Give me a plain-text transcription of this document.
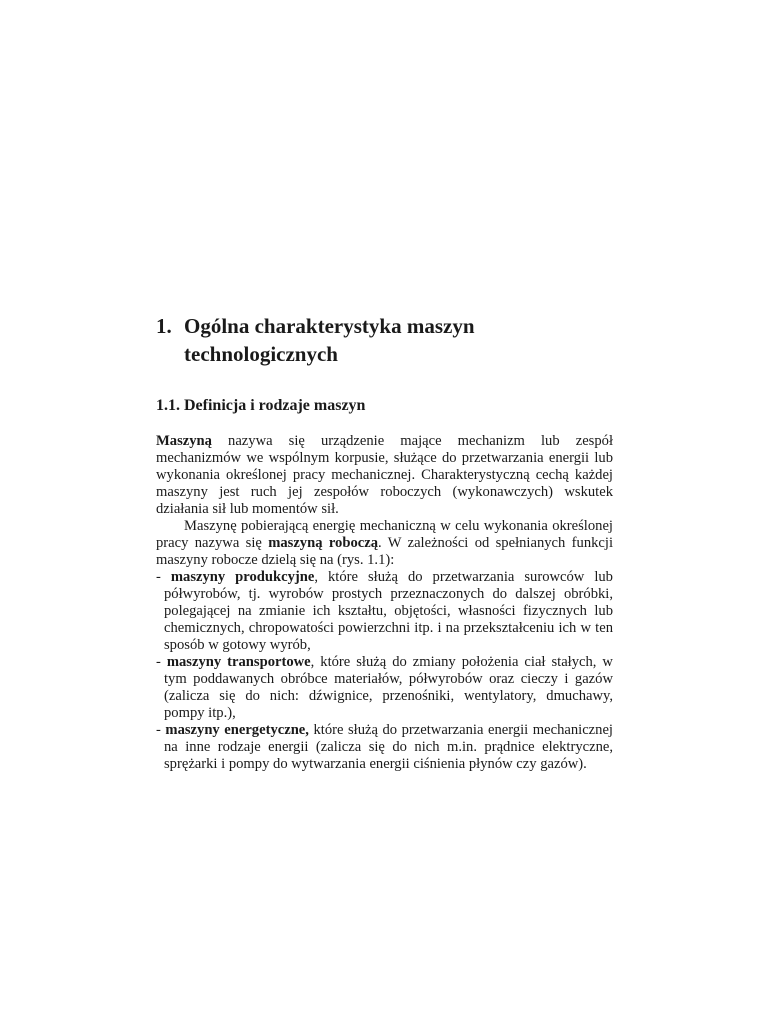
1. Ogólna charakterystyka maszyn technologicznych
1.1. Definicja i rodzaje maszyn

Maszyną nazywa się urządzenie mające mechanizm lub zespół mechanizmów we wspólnym korpusie, służące do przetwarzania energii lub wykonania określonej pracy mechanicznej. Charakterystyczną cechą każdej maszyny jest ruch jej zespołów roboczych (wykonawczych) wskutek działania sił lub momentów sił.

Maszynę pobierającą energię mechaniczną w celu wykonania określonej pracy nazywa się maszyną roboczą. W zależności od spełnianych funkcji maszyny robocze dzielą się na (rys. 1.1):

- maszyny produkcyjne, które służą do przetwarzania surowców lub półwyrobów, tj. wyrobów prostych przeznaczonych do dalszej obróbki, polegającej na zmianie ich kształtu, objętości, własności fizycznych lub chemicznych, chropowatości powierzchni itp. i na przekształceniu ich w ten sposób w gotowy wyrób,

- maszyny transportowe, które służą do zmiany położenia ciał stałych, w tym poddawanych obróbce materiałów, półwyrobów oraz cieczy i gazów (zalicza się do nich: dźwignice, przenośniki, wentylatory, dmuchawy, pompy itp.),

- maszyny energetyczne, które służą do przetwarzania energii mechanicznej na inne rodzaje energii (zalicza się do nich m.in. prądnice elektryczne, sprężarki i pompy do wytwarzania energii ciśnienia płynów czy gazów).
